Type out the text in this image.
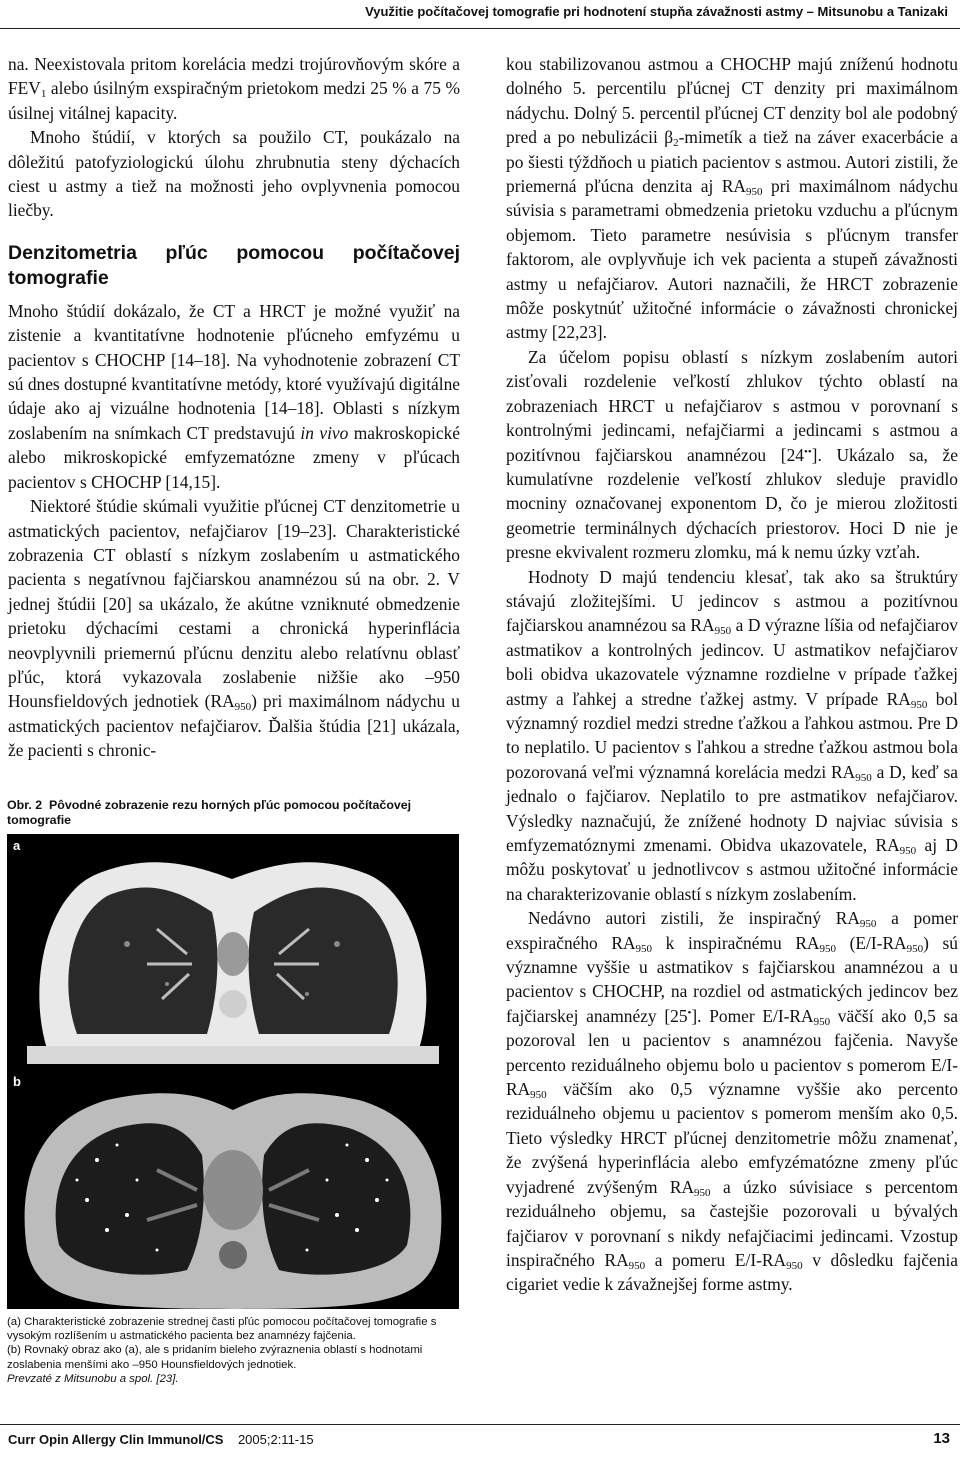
Využitie počítačovej tomografie pri hodnotení stupňa závažnosti astmy – Mitsunobu a Tanizaki

na. Neexistovala pritom korelácia medzi trojúrovňovým skóre a $FEV_1$ alebo úsilným exspiračným prietokom medzi 25 % a 75 % úsilnej vitálnej kapacity.

Mnoho štúdií, v ktorých sa použilo CT, poukázalo na dôležitú patofyziologickú úlohu zhrubnutia steny dýchacích ciest u astmy a tiež na možnosti jeho ovplyvnenia pomocou liečby.

Denzitometria pľúc pomocou počítačovej tomografie

Mnoho štúdií dokázalo, že CT a HRCT je možné využiť na zistenie a kvantitatívne hodnotenie pľúcneho emfyzému u pacientov s CHOCHP [14–18]. Na vyhodnotenie zobrazení CT sú dnes dostupné kvantitatívne metódy, ktoré využívajú digitálne údaje ako aj vizuálne hodnotenia [14–18]. Oblasti s nízkym zoslabením na snímkach CT predstavujú in vivo makroskopické alebo mikroskopické emfyzematózne zmeny v pľúcach pacientov s CHOCHP [14,15].

Niektoré štúdie skúmali využitie pľúcnej CT denzitometrie u astmatických pacientov, nefajčiarov [19–23]. Charakteristické zobrazenia CT oblastí s nízkym zoslabením u astmatického pacienta s negatívnou fajčiarskou anamnézou sú na obr. 2. V jednej štúdii [20] sa ukázalo, že akútne vzniknuté obmedzenie prietoku dýchacími cestami a chronická hyperinflácia neovplyvnili priemernú pľúcnu denzitu alebo relatívnu oblasť pľúc, ktorá vykazovala zoslabenie nižšie ako –950 Hounsfieldových jednotiek $(RA_{950})$ pri maximálnom nádychu u astmatických pacientov nefajčiarov. Ďalšia štúdia [21] ukázala, že pacienti s chronic-

Obr. 2 Pôvodné zobrazenie rezu horných pľúc pomocou počítačovej tomografie
a
b
(a) Charakteristické zobrazenie strednej časti pľúc pomocou počítačovej tomografie s vysokým rozlíšením u astmatického pacienta bez anamnézy fajčenia.
(b) Rovnaký obraz ako (a), ale s pridaním bieleho zvýraznenia oblastí s hodnotami zoslabenia menšími ako –950 Hounsfieldových jednotiek.
Prevzaté z Mitsunobu a spol. [23].

kou stabilizovanou astmou a CHOCHP majú zníženú hodnotu dolného 5. percentilu pľúcnej CT denzity pri maximálnom nádychu. Dolný 5. percentil pľúcnej CT denzity bol ale podobný pred a po nebulizácii $\beta_2$-mimetík a tiež na záver exacerbácie a po šiesti týždňoch u piatich pacientov s astmou. Autori zistili, že priemerná pľúcna denzita aj $RA_{950}$ pri maximálnom nádychu súvisia s parametrami obmedzenia prietoku vzduchu a pľúcnym objemom. Tieto parametre nesúvisia s pľúcnym transfer faktorom, ale ovplyvňuje ich vek pacienta a stupeň závažnosti astmy u nefajčiarov. Autori naznačili, že HRCT zobrazenie môže poskytnúť užitočné informácie o závažnosti chronickej astmy [22,23].

Za účelom popisu oblastí s nízkym zoslabením autori zisťovali rozdelenie veľkostí zhlukov týchto oblastí na zobrazeniach HRCT u nefajčiarov s astmou v porovnaní s kontrolnými jedincami, nefajčiarmi a jedincami s astmou a pozitívnou fajčiarskou anamnézou [24••]. Ukázalo sa, že kumulatívne rozdelenie veľkostí zhlukov sleduje pravidlo mocniny označovanej exponentom D, čo je mierou zložitosti geometrie terminálnych dýchacích priestorov. Hoci D nie je presne ekvivalent rozmeru zlomku, má k nemu úzky vzťah.

Hodnoty D majú tendenciu klesať, tak ako sa štruktúry stávajú zložitejšími. U jedincov s astmou a pozitívnou fajčiarskou anamnézou sa $RA_{950}$ a D výrazne líšia od nefajčiarov astmatikov a kontrolných jedincov. U astmatikov nefajčiarov boli obidva ukazovatele významne rozdielne v prípade ťažkej astmy a ľahkej a stredne ťažkej astmy. V prípade $RA_{950}$ bol významný rozdiel medzi stredne ťažkou a ľahkou astmou. Pre D to neplatilo. U pacientov s ľahkou a stredne ťažkou astmou bola pozorovaná veľmi významná korelácia medzi $RA_{950}$ a D, keď sa jednalo o fajčiarov. Neplatilo to pre astmatikov nefajčiarov. Výsledky naznačujú, že znížené hodnoty D najviac súvisia s emfyzematóznymi zmenami. Obidva ukazovatele, $RA_{950}$ aj D môžu poskytovať u jednotlivcov s astmou užitočné informácie na charakterizovanie oblastí s nízkym zoslabením.

Nedávno autori zistili, že inspiračný $RA_{950}$ a pomer exspiračného $RA_{950}$ k inspiračnému $RA_{950}$ $(E/I-RA_{950})$ sú významne vyššie u astmatikov s fajčiarskou anamnézou a u pacientov s CHOCHP, na rozdiel od astmatických jedincov bez fajčiarskej anamnézy [25•]. Pomer $E/I-RA_{950}$ väčší ako 0,5 sa pozoroval len u pacientov s anamnézou fajčenia. Navyše percento reziduálneho objemu bolo u pacientov s pomerom $E/I-RA_{950}$ väčším ako 0,5 významne vyššie ako percento reziduálneho objemu u pacientov s pomerom menším ako 0,5. Tieto výsledky HRCT pľúcnej denzitometrie môžu znamenať, že zvýšená hyperinflácia alebo emfyzématózne zmeny pľúc vyjadrené zvýšeným $RA_{950}$ a úzko súvisiace s percentom reziduálneho objemu, sa častejšie pozorovali u bývalých fajčiarov v porovnaní s nikdy nefajčiacimi jedincami. Vzostup inspiračného $RA_{950}$ a pomeru $E/I-RA_{950}$ v dôsledku fajčenia cigariet vedie k závažnejšej forme astmy.

Curr Opin Allergy Clin Immunol/CS 2005;2:11-15	13
